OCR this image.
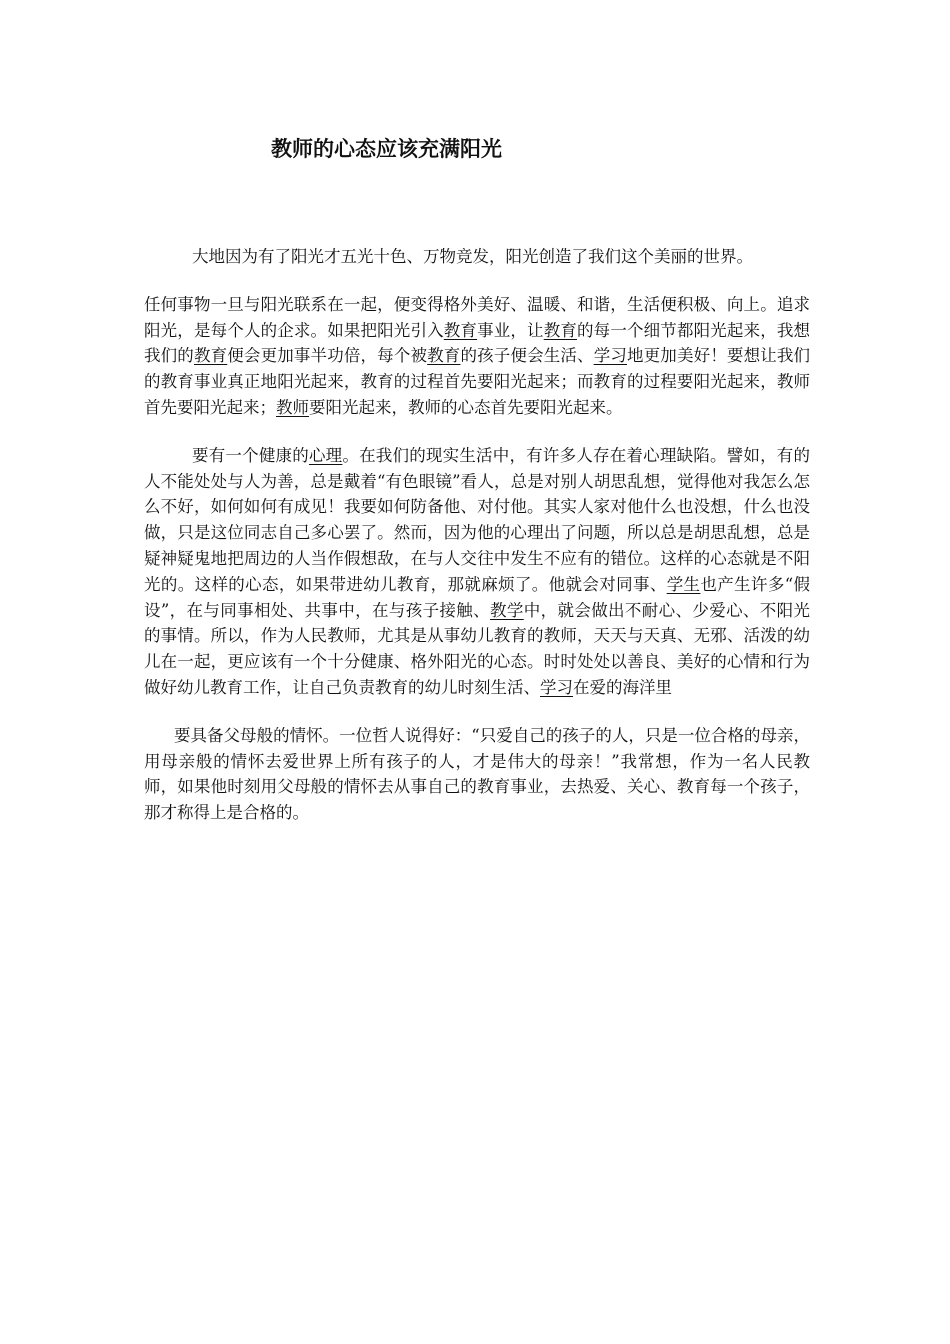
教师的心态应该充满阳光

大地因为有了阳光才五光十色、万物竞发，阳光创造了我们这个美丽的世界。

任何事物一旦与阳光联系在一起，便变得格外美好、温暖、和谐，生活便积极、向上。追求阳光，是每个人的企求。如果把阳光引入教育事业，让教育的每一个细节都阳光起来，我想我们的教育便会更加事半功倍，每个被教育的孩子便会生活、学习地更加美好！要想让我们的教育事业真正地阳光起来，教育的过程首先要阳光起来；而教育的过程要阳光起来，教师首先要阳光起来；教师要阳光起来，教师的心态首先要阳光起来。

要有一个健康的心理。在我们的现实生活中，有许多人存在着心理缺陷。譬如，有的人不能处处与人为善，总是戴着“有色眼镜”看人，总是对别人胡思乱想，觉得他对我怎么怎么不好，如何如何有成见！我要如何防备他、对付他。其实人家对他什么也没想，什么也没做，只是这位同志自己多心罢了。然而，因为他的心理出了问题，所以总是胡思乱想，总是疑神疑鬼地把周边的人当作假想敌，在与人交往中发生不应有的错位。这样的心态就是不阳光的。这样的心态，如果带进幼儿教育，那就麻烦了。他就会对同事、学生也产生许多“假设”，在与同事相处、共事中，在与孩子接触、教学中，就会做出不耐心、少爱心、不阳光的事情。所以，作为人民教师，尤其是从事幼儿教育的教师，天天与天真、无邪、活泼的幼儿在一起，更应该有一个十分健康、格外阳光的心态。时时处处以善良、美好的心情和行为做好幼儿教育工作，让自己负责教育的幼儿时刻生活、学习在爱的海洋里

要具备父母般的情怀。一位哲人说得好：“只爱自己的孩子的人，只是一位合格的母亲，用母亲般的情怀去爱世界上所有孩子的人，才是伟大的母亲！”我常想，作为一名人民教师，如果他时刻用父母般的情怀去从事自己的教育事业，去热爱、关心、教育每一个孩子，那才称得上是合格的。
